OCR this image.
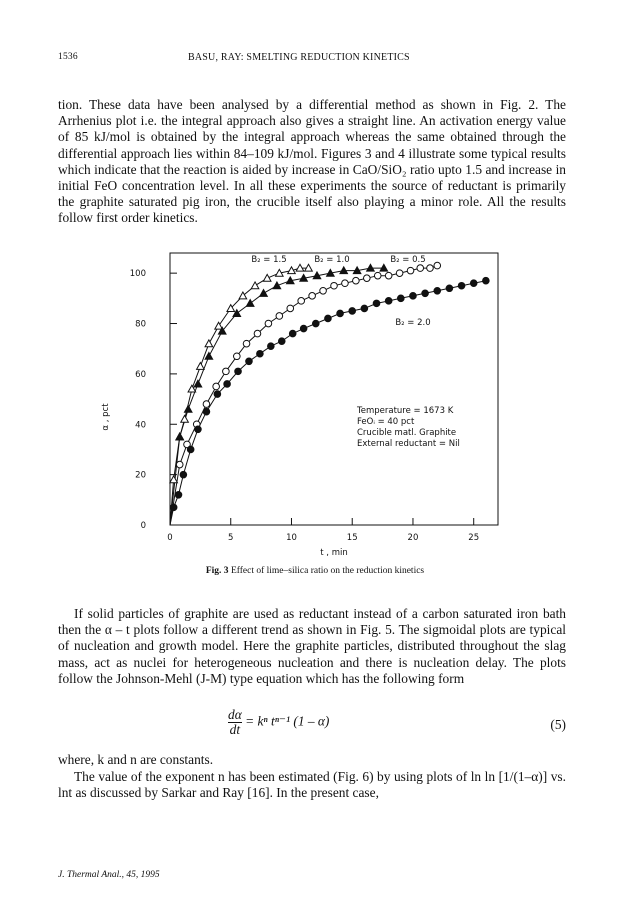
1536	BASU, RAY: SMELTING REDUCTION KINETICS

tion. These data have been analysed by a differential method as shown in Fig. 2. The Arrhenius plot i.e. the integral approach also gives a straight line. An activation energy value of 85 kJ/mol is obtained by the integral approach whereas the same obtained through the differential approach lies within 84–109 kJ/mol. Figures 3 and 4 illustrate some typical results which indicate that the reaction is aided by increase in CaO/SiO₂ ratio upto 1.5 and increase in initial FeO concentration level. In all these experiments the source of reductant is primarily the graphite saturated pig iron, the crucible itself also playing a minor role. All the results follow first order kinetics.

0	5	10	15	20	25
0
20
40
60
80
100
t , min
α , pct
B₂ = 1.5	B₂ = 1.0	B₂ = 0.5
B₂ = 2.0
Temperature = 1673 K
FeOᵢ = 40 pct
Crucible matl. Graphite
External reductant = Nil
Fig. 3 Effect of lime–silica ratio on the reduction kinetics

If solid particles of graphite are used as reductant instead of a carbon saturated iron bath then the α – t plots follow a different trend as shown in Fig. 5. The sigmoidal plots are typical of nucleation and growth model. Here the graphite particles, distributed throughout the slag mass, act as nuclei for heterogeneous nucleation and there is nucleation delay. The plots follow the Johnson-Mehl (J-M) type equation which has the following form

$\frac{d\alpha}{dt} = k^n$ tⁿ⁻¹ (1 – α)	(5)

where, k and n are constants.

The value of the exponent n has been estimated (Fig. 6) by using plots of ln ln [1/(1–α)] vs. lnt as discussed by Sarkar and Ray [16]. In the present case,

J. Thermal Anal., 45, 1995
